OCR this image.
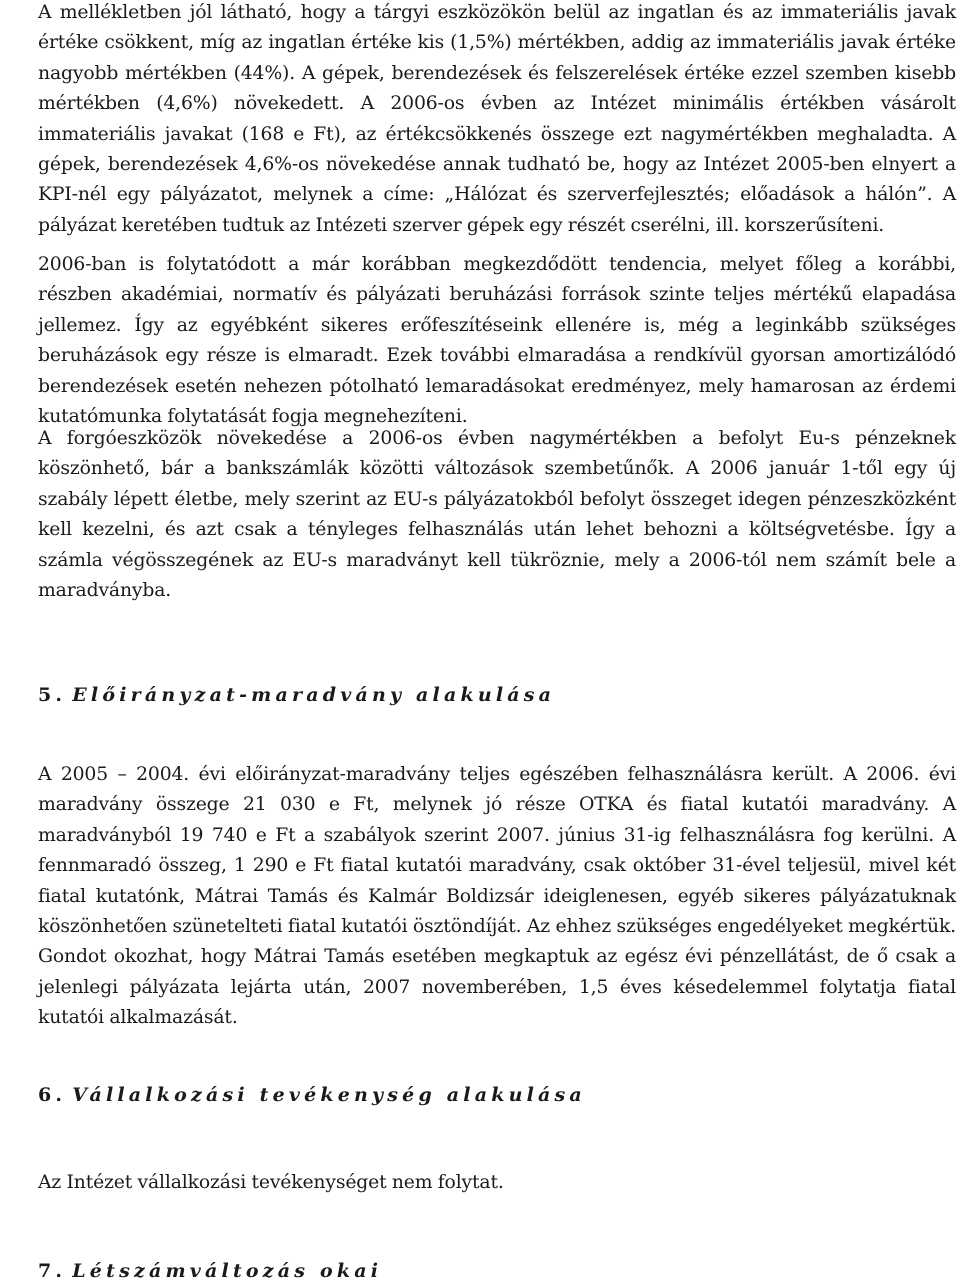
A mellékletben jól látható, hogy a tárgyi eszközökön belül az ingatlan és az immateriális javak értéke csökkent, míg az ingatlan értéke kis (1,5%) mértékben, addig az immateriális javak értéke nagyobb mértékben (44%). A gépek, berendezések és felszerelések értéke ezzel szemben kisebb mértékben (4,6%) növekedett. A 2006-os évben az Intézet minimális értékben vásárolt immateriális javakat (168 e Ft), az értékcsökkenés összege ezt nagymértékben meghaladta. A gépek, berendezések 4,6%-os növekedése annak tudható be, hogy az Intézet 2005-ben elnyert a KPI-nél egy pályázatot, melynek a címe: „Hálózat és szerverfejlesztés; előadások a hálón”. A pályázat keretében tudtuk az Intézeti szerver gépek egy részét cserélni, ill. korszerűsíteni.

2006-ban is folytatódott a már korábban megkezdődött tendencia, melyet főleg a korábbi, részben akadémiai, normatív és pályázati beruházási források szinte teljes mértékű elapadása jellemez. Így az egyébként sikeres erőfeszítéseink ellenére is, még a leginkább szükséges beruházások egy része is elmaradt. Ezek további elmaradása a rendkívül gyorsan amortizálódó berendezések esetén nehezen pótolható lemaradásokat eredményez, mely hamarosan az érdemi kutatómunka folytatását fogja megnehezíteni.

A forgóeszközök növekedése a 2006-os évben nagymértékben a befolyt Eu-s pénzeknek köszönhető, bár a bankszámlák közötti változások szembetűnők. A 2006 január 1-től egy új szabály lépett életbe, mely szerint az EU-s pályázatokból befolyt összeget idegen pénzeszközként kell kezelni, és azt csak a tényleges felhasználás után lehet behozni a költségvetésbe. Így a számla végösszegének az EU-s maradványt kell tükröznie, mely a 2006-tól nem számít bele a maradványba.

5. Előirányzat-maradvány alakulása

A 2005 – 2004. évi előirányzat-maradvány teljes egészében felhasználásra került. A 2006. évi maradvány összege 21 030 e Ft, melynek jó része OTKA és fiatal kutatói maradvány. A maradványból 19 740 e Ft a szabályok szerint 2007. június 31-ig felhasználásra fog kerülni. A fennmaradó összeg, 1 290 e Ft fiatal kutatói maradvány, csak október 31-ével teljesül, mivel két fiatal kutatónk, Mátrai Tamás és Kalmár Boldizsár ideiglenesen, egyéb sikeres pályázatuknak köszönhetően szünetelteti fiatal kutatói ösztöndíját. Az ehhez szükséges engedélyeket megkértük. Gondot okozhat, hogy Mátrai Tamás esetében megkaptuk az egész évi pénzellátást, de ő csak a jelenlegi pályázata lejárta után, 2007 novemberében, 1,5 éves késedelemmel folytatja fiatal kutatói alkalmazását.

6. Vállalkozási tevékenység alakulása

Az Intézet vállalkozási tevékenységet nem folytat.

7. Létszámváltozás okai
